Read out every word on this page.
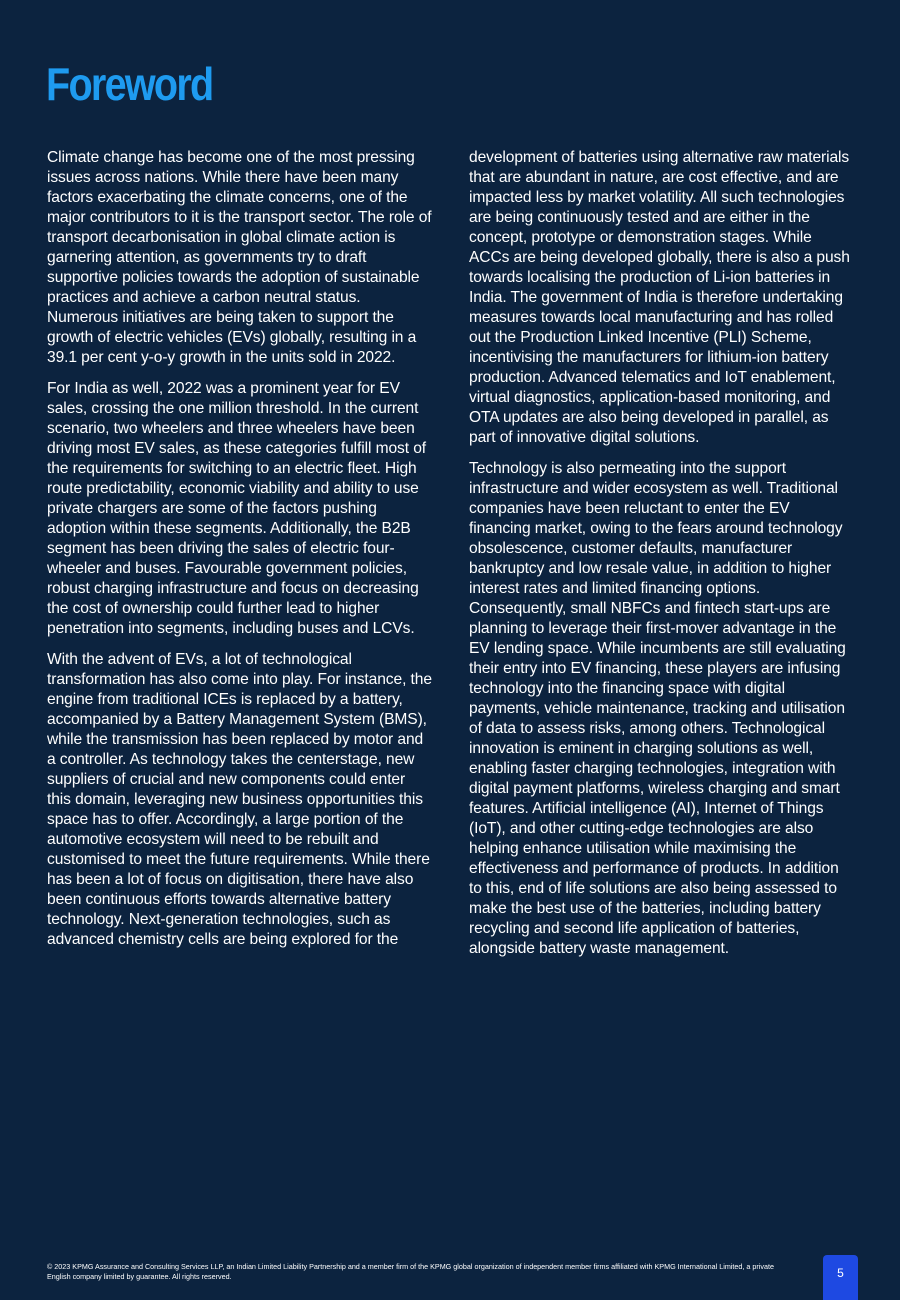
Foreword

Climate change has become one of the most pressing issues across nations. While there have been many factors exacerbating the climate concerns, one of the major contributors to it is the transport sector. The role of transport decarbonisation in global climate action is garnering attention, as governments try to draft supportive policies towards the adoption of sustainable practices and achieve a carbon neutral status. Numerous initiatives are being taken to support the growth of electric vehicles (EVs) globally, resulting in a 39.1 per cent y-o-y growth in the units sold in 2022.

For India as well, 2022 was a prominent year for EV sales, crossing the one million threshold. In the current scenario, two wheelers and three wheelers have been driving most EV sales, as these categories fulfill most of the requirements for switching to an electric fleet. High route predictability, economic viability and ability to use private chargers are some of the factors pushing adoption within these segments. Additionally, the B2B segment has been driving the sales of electric four-wheeler and buses. Favourable government policies, robust charging infrastructure and focus on decreasing the cost of ownership could further lead to higher penetration into segments, including buses and LCVs.

With the advent of EVs, a lot of technological transformation has also come into play. For instance, the engine from traditional ICEs is replaced by a battery, accompanied by a Battery Management System (BMS), while the transmission has been replaced by motor and a controller. As technology takes the centerstage, new suppliers of crucial and new components could enter this domain, leveraging new business opportunities this space has to offer. Accordingly, a large portion of the automotive ecosystem will need to be rebuilt and customised to meet the future requirements. While there has been a lot of focus on digitisation, there have also been continuous efforts towards alternative battery technology. Next-generation technologies, such as advanced chemistry cells are being explored for the

development of batteries using alternative raw materials that are abundant in nature, are cost effective, and are impacted less by market volatility. All such technologies are being continuously tested and are either in the concept, prototype or demonstration stages. While ACCs are being developed globally, there is also a push towards localising the production of Li-ion batteries in India. The government of India is therefore undertaking measures towards local manufacturing and has rolled out the Production Linked Incentive (PLI) Scheme, incentivising the manufacturers for lithium-ion battery production. Advanced telematics and IoT enablement, virtual diagnostics, application-based monitoring, and OTA updates are also being developed in parallel, as part of innovative digital solutions.

Technology is also permeating into the support infrastructure and wider ecosystem as well. Traditional companies have been reluctant to enter the EV financing market, owing to the fears around technology obsolescence, customer defaults, manufacturer bankruptcy and low resale value, in addition to higher interest rates and limited financing options. Consequently, small NBFCs and fintech start-ups are planning to leverage their first-mover advantage in the EV lending space. While incumbents are still evaluating their entry into EV financing, these players are infusing technology into the financing space with digital payments, vehicle maintenance, tracking and utilisation of data to assess risks, among others. Technological innovation is eminent in charging solutions as well, enabling faster charging technologies, integration with digital payment platforms, wireless charging and smart features. Artificial intelligence (AI), Internet of Things (IoT), and other cutting-edge technologies are also helping enhance utilisation while maximising the effectiveness and performance of products. In addition to this, end of life solutions are also being assessed to make the best use of the batteries, including battery recycling and second life application of batteries, alongside battery waste management.

© 2023 KPMG Assurance and Consulting Services LLP, an Indian Limited Liability Partnership and a member firm of the KPMG global organization of independent member firms affiliated with KPMG International Limited, a private English company limited by guarantee. All rights reserved.	5
